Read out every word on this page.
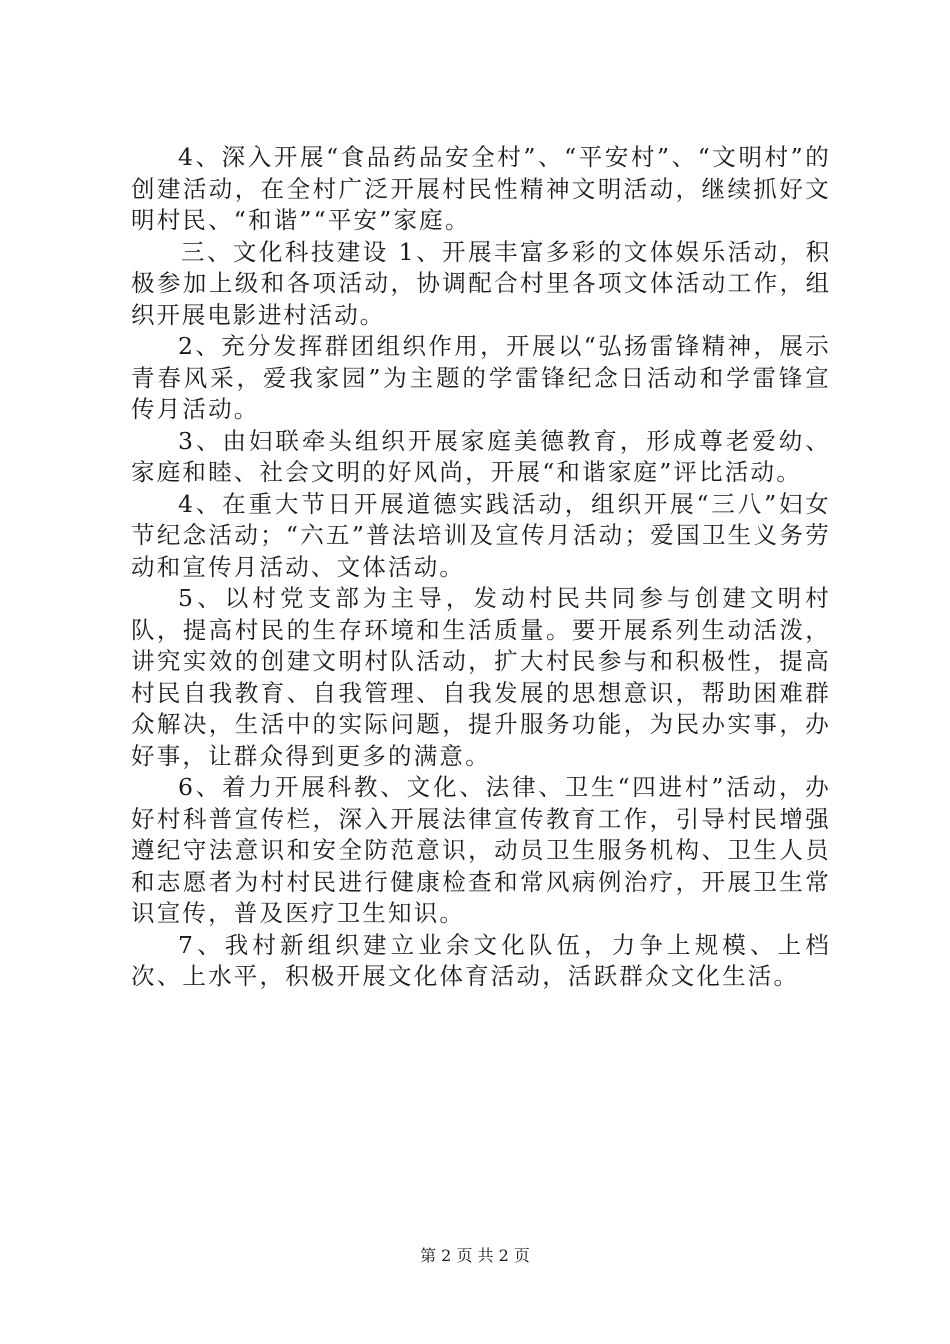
4、深入开展“食品药品安全村”、“平安村”、“文明村”的创建活动，在全村广泛开展村民性精神文明活动，继续抓好文明村民、“和谐”“平安”家庭。

三、文化科技建设 1、开展丰富多彩的文体娱乐活动，积极参加上级和各项活动，协调配合村里各项文体活动工作，组织开展电影进村活动。

2、充分发挥群团组织作用，开展以“弘扬雷锋精神，展示青春风采，爱我家园”为主题的学雷锋纪念日活动和学雷锋宣传月活动。

3、由妇联牵头组织开展家庭美德教育，形成尊老爱幼、家庭和睦、社会文明的好风尚，开展“和谐家庭”评比活动。

4、在重大节日开展道德实践活动，组织开展“三八”妇女节纪念活动；“六五”普法培训及宣传月活动；爱国卫生义务劳动和宣传月活动、文体活动。

5、以村党支部为主导，发动村民共同参与创建文明村队，提高村民的生存环境和生活质量。要开展系列生动活泼，讲究实效的创建文明村队活动，扩大村民参与和积极性，提高村民自我教育、自我管理、自我发展的思想意识，帮助困难群众解决，生活中的实际问题，提升服务功能，为民办实事，办好事，让群众得到更多的满意。

6、着力开展科教、文化、法律、卫生“四进村”活动，办好村科普宣传栏，深入开展法律宣传教育工作，引导村民增强遵纪守法意识和安全防范意识，动员卫生服务机构、卫生人员和志愿者为村村民进行健康检查和常风病例治疗，开展卫生常识宣传，普及医疗卫生知识。

7、我村新组织建立业余文化队伍，力争上规模、上档次、上水平，积极开展文化体育活动，活跃群众文化生活。

第 2 页 共 2 页
